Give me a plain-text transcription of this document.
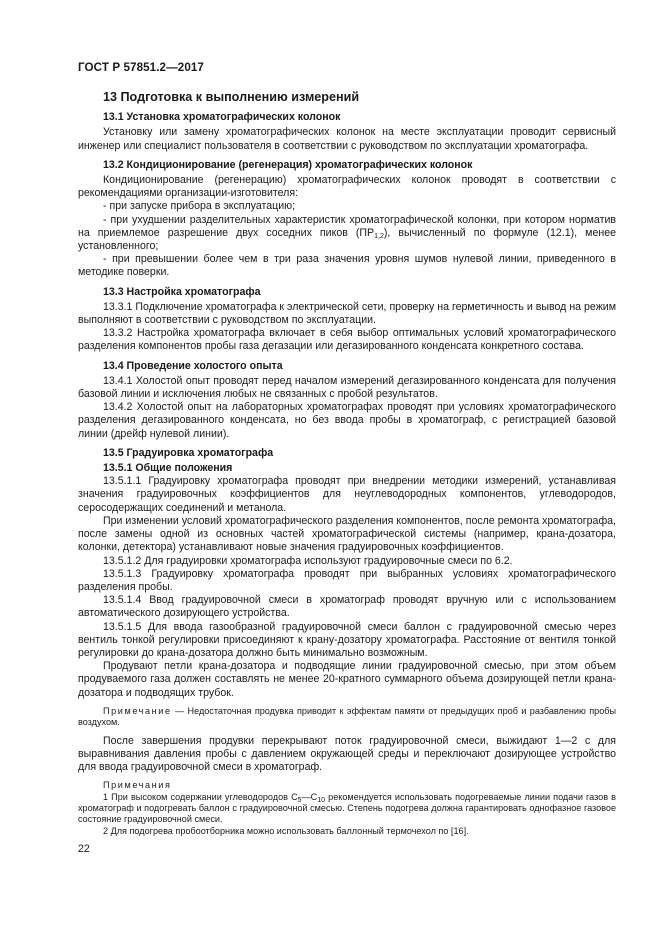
ГОСТ Р 57851.2—2017

13 Подготовка к выполнению измерений

13.1 Установка хроматографических колонок

Установку или замену хроматографических колонок на месте эксплуатации проводит сервисный инженер или специалист пользователя в соответствии с руководством по эксплуатации хроматографа.

13.2 Кондиционирование (регенерация) хроматографических колонок

Кондиционирование (регенерацию) хроматографических колонок проводят в соответствии с рекомендациями организации-изготовителя:

- при запуске прибора в эксплуатацию;

- при ухудшении разделительных характеристик хроматографической колонки, при котором норматив на приемлемое разрешение двух соседних пиков $(ПР_{1,2})$, вычисленный по формуле (12.1), менее установленного;

- при превышении более чем в три раза значения уровня шумов нулевой линии, приведенного в методике поверки.

13.3 Настройка хроматографа

13.3.1 Подключение хроматографа к электрической сети, проверку на герметичность и вывод на режим выполняют в соответствии с руководством по эксплуатации.

13.3.2 Настройка хроматографа включает в себя выбор оптимальных условий хроматографического разделения компонентов пробы газа дегазации или дегазированного конденсата конкретного состава.

13.4 Проведение холостого опыта

13.4.1 Холостой опыт проводят перед началом измерений дегазированного конденсата для получения базовой линии и исключения любых не связанных с пробой результатов.

13.4.2 Холостой опыт на лабораторных хроматографах проводят при условиях хроматографического разделения дегазированного конденсата, но без ввода пробы в хроматограф, с регистрацией базовой линии (дрейф нулевой линии).

13.5 Градуировка хроматографа

13.5.1 Общие положения

13.5.1.1 Градуировку хроматографа проводят при внедрении методики измерений, устанавливая значения градуировочных коэффициентов для неуглеводородных компонентов, углеводородов, серосодержащих соединений и метанола.

При изменении условий хроматографического разделения компонентов, после ремонта хроматографа, после замены одной из основных частей хроматографической системы (например, крана-дозатора, колонки, детектора) устанавливают новые значения градуировочных коэффициентов.

13.5.1.2 Для градуировки хроматографа используют градуировочные смеси по 6.2.

13.5.1.3 Градуировку хроматографа проводят при выбранных условиях хроматографического разделения пробы.

13.5.1.4 Ввод градуировочной смеси в хроматограф проводят вручную или с использованием автоматического дозирующего устройства.

13.5.1.5 Для ввода газообразной градуировочной смеси баллон с градуировочной смесью через вентиль тонкой регулировки присоединяют к крану-дозатору хроматографа. Расстояние от вентиля тонкой регулировки до крана-дозатора должно быть минимально возможным.

Продувают петли крана-дозатора и подводящие линии градуировочной смесью, при этом объем продуваемого газа должен составлять не менее 20-кратного суммарного объема дозирующей петли крана-дозатора и подводящих трубок.

Примечание — Недостаточная продувка приводит к эффектам памяти от предыдущих проб и разбавлению пробы воздухом.

После завершения продувки перекрывают поток градуировочной смеси, выжидают 1—2 с для выравнивания давления пробы с давлением окружающей среды и переключают дозирующее устройство для ввода градуировочной смеси в хроматограф.

Примечания

1 При высоком содержании углеводородов $С_5—С_{10}$ рекомендуется использовать подогреваемые линии подачи газов в хроматограф и подогревать баллон с градуировочной смесью. Степень подогрева должна гарантировать однофазное газовое состояние градуировочной смеси.

2 Для подогрева пробоотборника можно использовать баллонный термочехол по [16].

22
